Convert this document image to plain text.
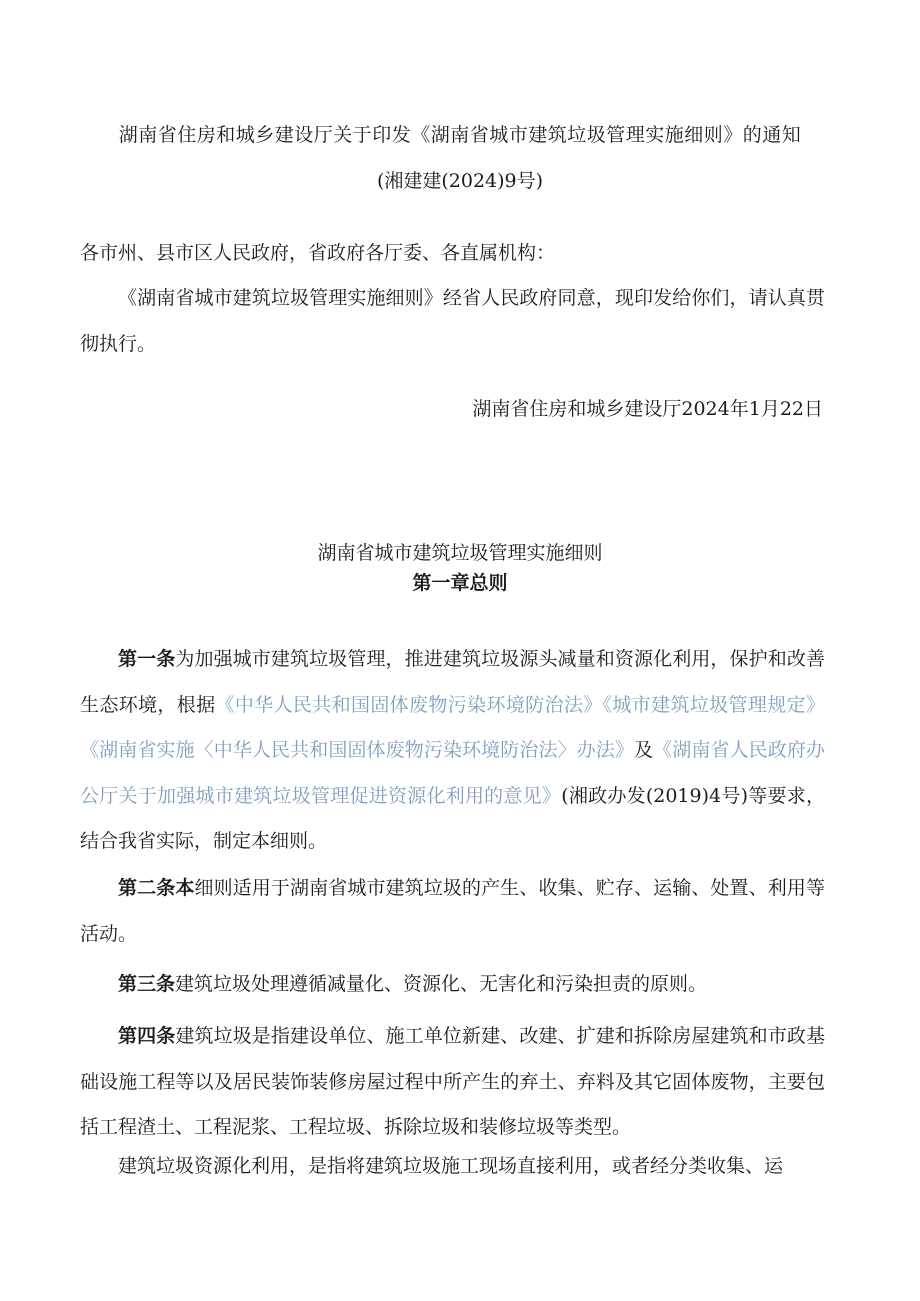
湖南省住房和城乡建设厅关于印发《湖南省城市建筑垃圾管理实施细则》的通知
(湘建建(2024)9号)

各市州、县市区人民政府，省政府各厅委、各直属机构：

《湖南省城市建筑垃圾管理实施细则》经省人民政府同意，现印发给你们，请认真贯彻执行。

湖南省住房和城乡建设厅2024年1月22日
湖南省城市建筑垃圾管理实施细则
第一章总则

第一条为加强城市建筑垃圾管理，推进建筑垃圾源头减量和资源化利用，保护和改善生态环境，根据《中华人民共和国固体废物污染环境防治法》《城市建筑垃圾管理规定》《湖南省实施〈中华人民共和国固体废物污染环境防治法〉办法》及《湖南省人民政府办公厅关于加强城市建筑垃圾管理促进资源化利用的意见》(湘政办发(2019)4号)等要求，结合我省实际，制定本细则。

第二条本细则适用于湖南省城市建筑垃圾的产生、收集、贮存、运输、处置、利用等活动。

第三条建筑垃圾处理遵循减量化、资源化、无害化和污染担责的原则。

第四条建筑垃圾是指建设单位、施工单位新建、改建、扩建和拆除房屋建筑和市政基础设施工程等以及居民装饰装修房屋过程中所产生的弃土、弃料及其它固体废物，主要包括工程渣土、工程泥浆、工程垃圾、拆除垃圾和装修垃圾等类型。

建筑垃圾资源化利用，是指将建筑垃圾施工现场直接利用，或者经分类收集、运
